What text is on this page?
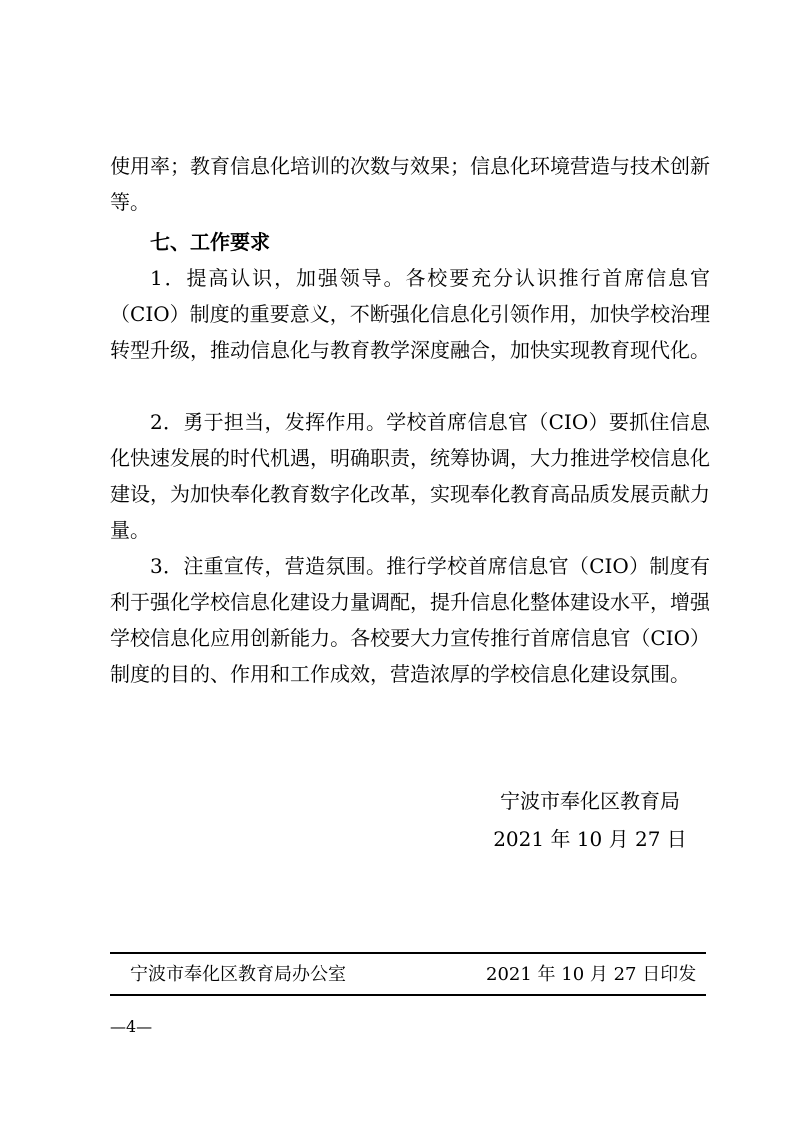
使用率；教育信息化培训的次数与效果；信息化环境营造与技术创新等。

七、工作要求

1．提高认识，加强领导。各校要充分认识推行首席信息官（CIO）制度的重要意义，不断强化信息化引领作用，加快学校治理转型升级，推动信息化与教育教学深度融合，加快实现教育现代化。

2．勇于担当，发挥作用。学校首席信息官（CIO）要抓住信息化快速发展的时代机遇，明确职责，统筹协调，大力推进学校信息化建设，为加快奉化教育数字化改革，实现奉化教育高品质发展贡献力量。

3．注重宣传，营造氛围。推行学校首席信息官（CIO）制度有利于强化学校信息化建设力量调配，提升信息化整体建设水平，增强学校信息化应用创新能力。各校要大力宣传推行首席信息官（CIO）制度的目的、作用和工作成效，营造浓厚的学校信息化建设氛围。

宁波市奉化区教育局
2021 年 10 月 27 日
宁波市奉化区教育局办公室	2021 年 10 月 27 日印发
—4—
